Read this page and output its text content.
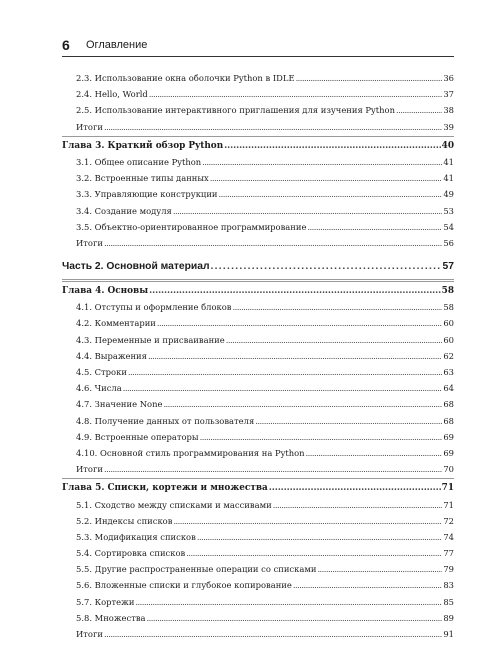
6	Оглавление
2.3. Использование окна оболочки Python в IDLE . . .	36
2.4. Hello, World . . .	37
2.5. Использование интерактивного приглашения для изучения Python . . .	38
Итоги . . .	39
Глава 3. Краткий обзор Python . . .	40
3.1. Общее описание Python . . .	41
3.2. Встроенные типы данных . . .	41
3.3. Управляющие конструкции . . .	49
3.4. Создание модуля . . .	53
3.5. Объектно-ориентированное программирование . . .	54
Итоги . . .	56
Часть 2. Основной материал . . .	57
Глава 4. Основы . . .	58
4.1. Отступы и оформление блоков . . .	58
4.2. Комментарии . . .	60
4.3. Переменные и присваивание . . .	60
4.4. Выражения . . .	62
4.5. Строки . . .	63
4.6. Числа . . .	64
4.7. Значение None . . .	68
4.8. Получение данных от пользователя . . .	68
4.9. Встроенные операторы . . .	69
4.10. Основной стиль программирования на Python . . .	69
Итоги . . .	70
Глава 5. Списки, кортежи и множества . . .	71
5.1. Сходство между списками и массивами . . .	71
5.2. Индексы списков . . .	72
5.3. Модификация списков . . .	74
5.4. Сортировка списков . . .	77
5.5. Другие распространенные операции со списками . . .	79
5.6. Вложенные списки и глубокое копирование . . .	83
5.7. Кортежи . . .	85
5.8. Множества . . .	89
Итоги . . .	91
